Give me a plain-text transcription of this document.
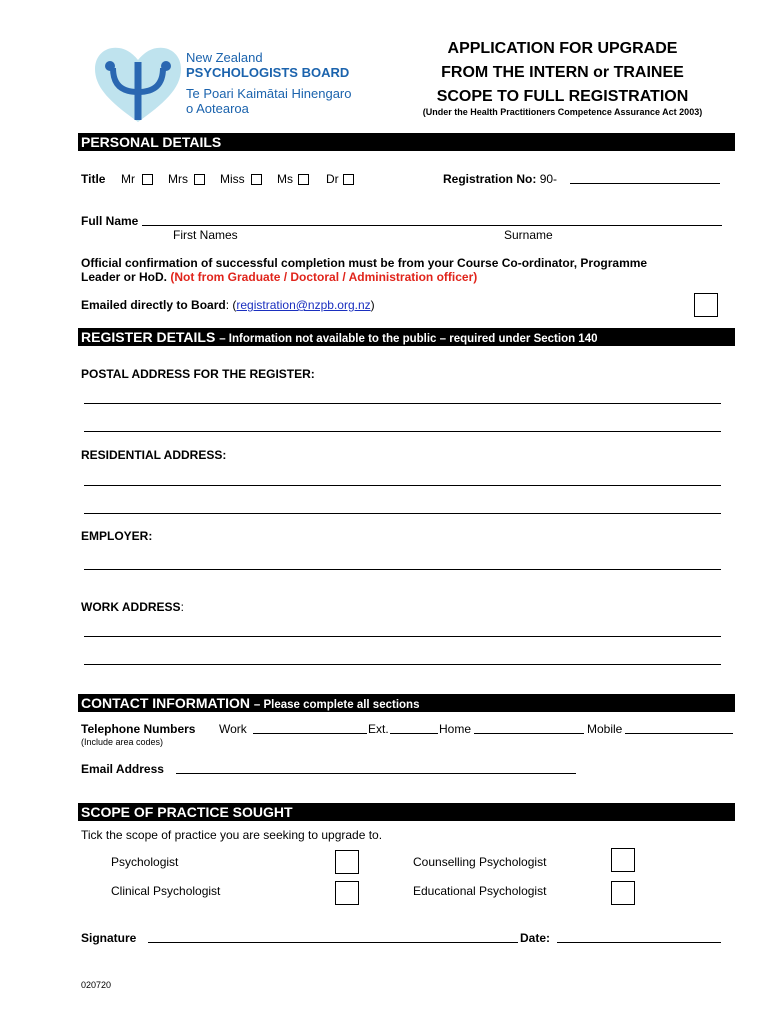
New Zealand
PSYCHOLOGISTS BOARD
Te Poari Kaimātai Hinengaro
o Aotearoa
APPLICATION FOR UPGRADE
FROM THE INTERN or TRAINEE
SCOPE TO FULL REGISTRATION
(Under the Health Practitioners Competence Assurance Act 2003)
PERSONAL DETAILS
Title Mr	Mrs	Miss	Ms	Dr	Registration No: 90-
Full Name
First Names	Surname
Official confirmation of successful completion must be from your Course Co-ordinator, Programme
Leader or HoD. (Not from Graduate / Doctoral / Administration officer)
Emailed directly to Board: (registration@nzpb.org.nz)
REGISTER DETAILS – Information not available to the public – required under Section 140
POSTAL ADDRESS FOR THE REGISTER:
RESIDENTIAL ADDRESS:
EMPLOYER:
WORK ADDRESS:
CONTACT INFORMATION – Please complete all sections
Telephone Numbers Work	Ext.	Home	Mobile
(Include area codes)
Email Address
SCOPE OF PRACTICE SOUGHT
Tick the scope of practice you are seeking to upgrade to.
Psychologist	Counselling Psychologist
Clinical Psychologist	Educational Psychologist
Signature	Date:
020720
